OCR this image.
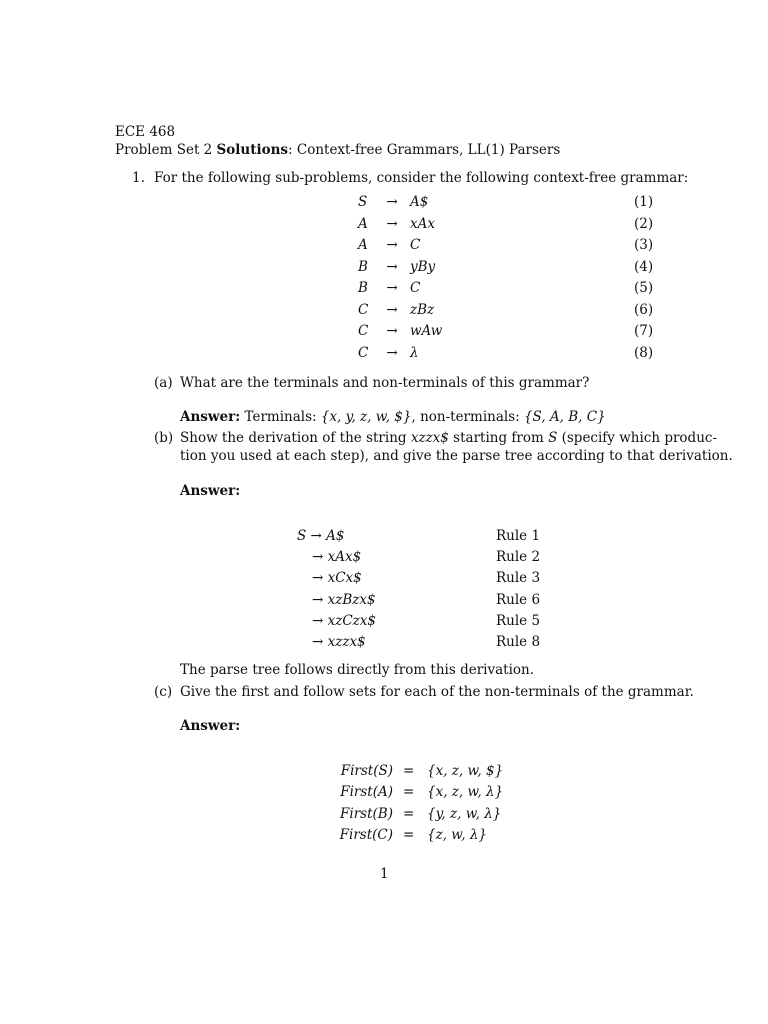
ECE 468
Problem Set 2 Solutions: Context-free Grammars, LL(1) Parsers
1. For the following sub-problems, consider the following context-free grammar:
S	→ A$	(1)
A	→ xAx	(2)
A	→ C	(3)
B	→ yBy	(4)
B	→ C	(5)
C	→ zBz	(6)
C	→ wAw	(7)
C	→ λ	(8)
(a) What are the terminals and non-terminals of this grammar?
Answer: Terminals: {x, y, z, w, $}, non-terminals: {S, A, B, C}
(b) Show the derivation of the string xzzx$ starting from S (specify which produc-
tion you used at each step), and give the parse tree according to that derivation.
Answer:
S → A$	Rule 1
→ xAx$	Rule 2
→ xCx$	Rule 3
→ xzBzx$	Rule 6
→ xzCzx$	Rule 5
→ xzzx$	Rule 8
The parse tree follows directly from this derivation.
(c) Give the first and follow sets for each of the non-terminals of the grammar.
Answer:
First(S) = {x, z, w, $}
First(A) = {x, z, w, λ}
First(B) = {y, z, w, λ}
First(C) = {z, w, λ}
1
